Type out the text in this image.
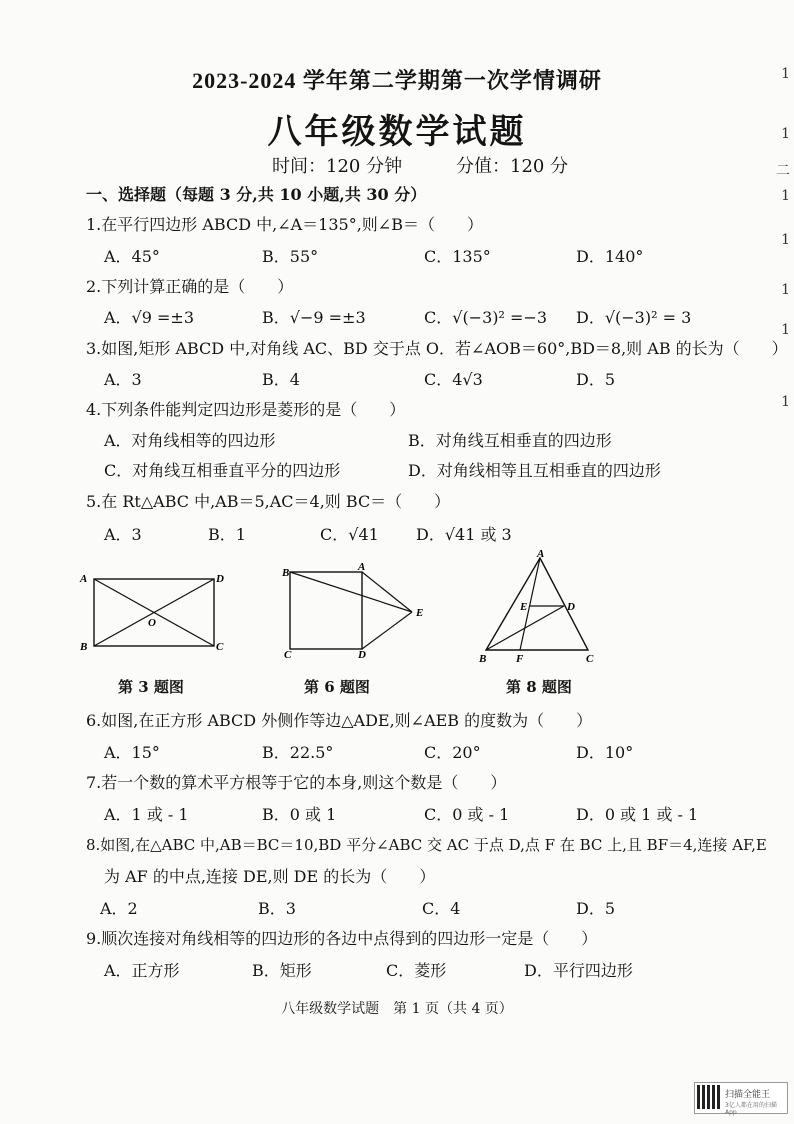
2023-2024 学年第二学期第一次学情调研
八年级数学试题
时间：120 分钟	分值：120 分
一、选择题（每题 3 分,共 10 小题,共 30 分）
1.在平行四边形 ABCD 中,∠A＝135°,则∠B＝（　　）
A．45°	B．55°	C．135°	D．140°
2.下列计算正确的是（　　）
A．√9 =±3	B．√−9 =±3	C．√(−3)² =−3 D．√(−3)² = 3
3.如图,矩形 ABCD 中,对角线 AC、BD 交于点 O．若∠AOB＝60°,BD＝8,则 AB 的长为（　　）
A．3	B．4	C．4√3	D．5
4.下列条件能判定四边形是菱形的是（　　）
A．对角线相等的四边形	B．对角线互相垂直的四边形
C．对角线互相垂直平分的四边形	D．对角线相等且互相垂直的四边形
5.在 Rt△ABC 中,AB＝5,AC＝4,则 BC＝（　　）
A．3	B．1	C．√41 D．√41 或 3
A	D
B	C
O
B	A
E
C	D
A
E	D
B	F	C
第 3 题图	第 6 题图	第 8 题图
6.如图,在正方形 ABCD 外侧作等边△ADE,则∠AEB 的度数为（　　）
A．15°	B．22.5°	C．20°	D．10°
7.若一个数的算术平方根等于它的本身,则这个数是（　　）
A．1 或 - 1	B．0 或 1	C．0 或 - 1	D．0 或 1 或 - 1
8.如图,在△ABC 中,AB＝BC＝10,BD 平分∠ABC 交 AC 于点 D,点 F 在 BC 上,且 BF＝4,连接 AF,E
为 AF 的中点,连接 DE,则 DE 的长为（　　）
A．2	B．3	C．4	D．5
9.顺次连接对角线相等的四边形的各边中点得到的四边形一定是（　　）
A．正方形	B．矩形	C．菱形	D．平行四边形
1
1
二
1
1
1
1
1
八年级数学试题　第 1 页（共 4 页）
扫描全能王
3亿人都在用的扫描App
